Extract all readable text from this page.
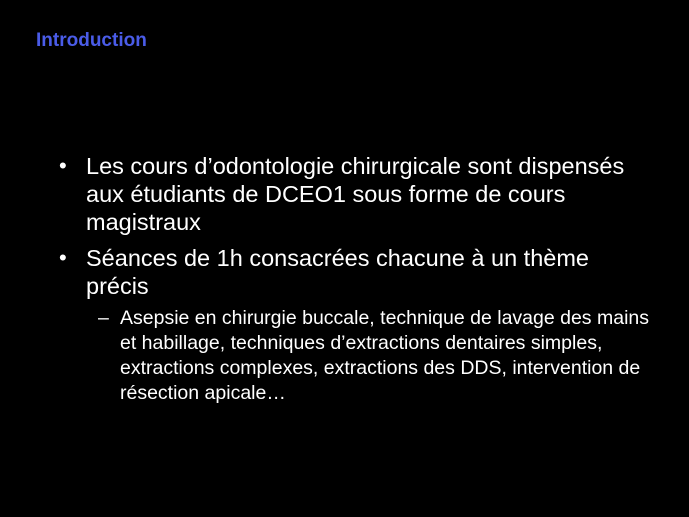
Introduction
• Les cours d’odontologie chirurgicale sont dispensés aux étudiants de DCEO1 sous forme de cours magistraux
• Séances de 1h consacrées chacune à un thème précis
– Asepsie en chirurgie buccale, technique de lavage des mains et habillage, techniques d’extractions dentaires simples, extractions complexes, extractions des DDS, intervention de résection apicale…
